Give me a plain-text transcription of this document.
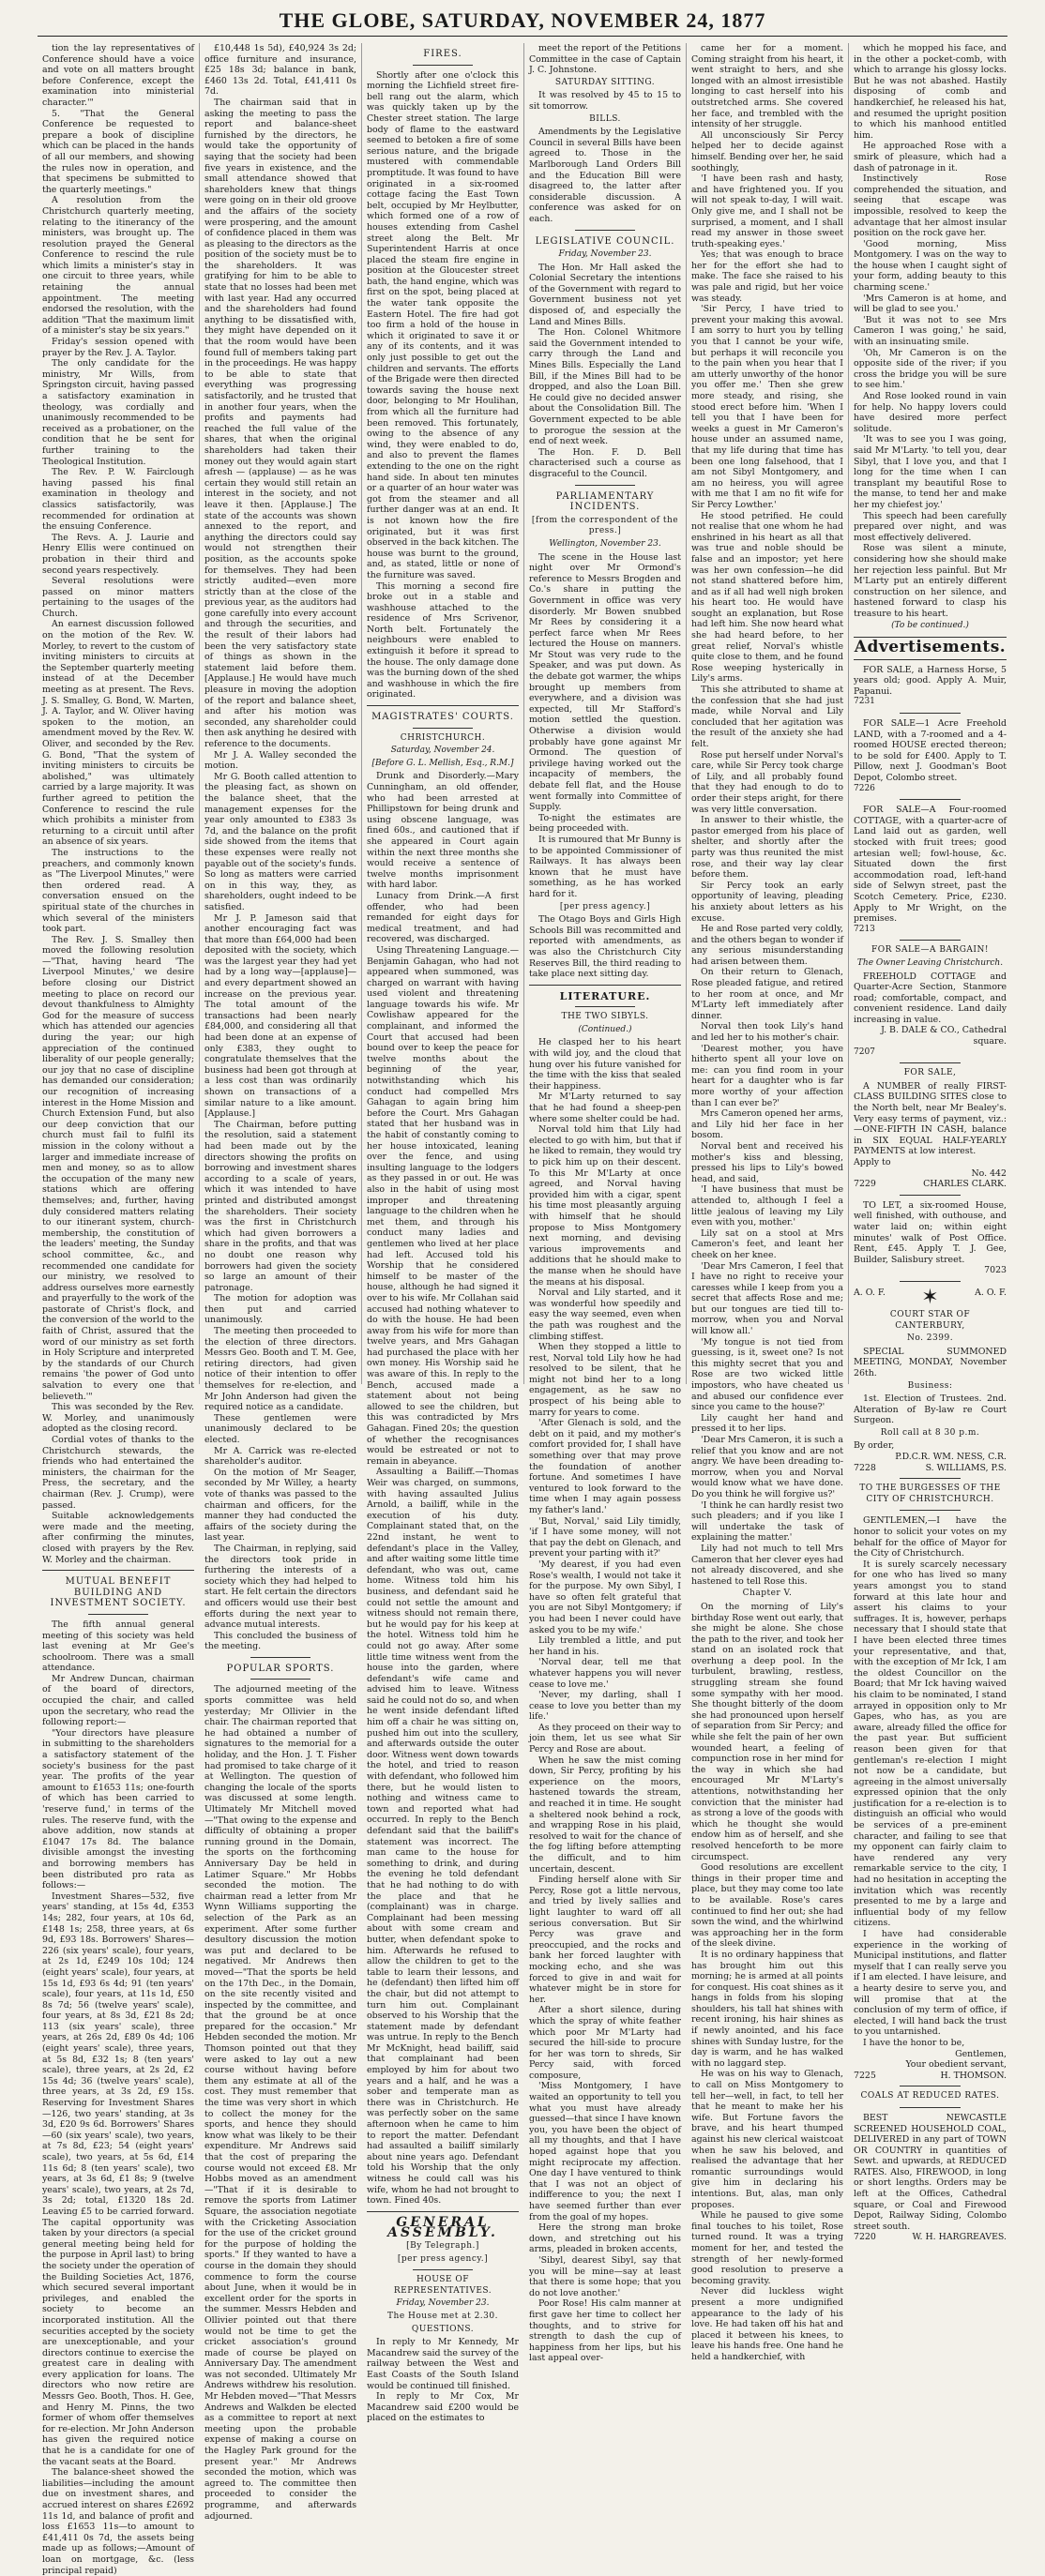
THE GLOBE, SATURDAY, NOVEMBER 24, 1877

tion the lay representatives of Conference should have a voice and vote on all matters brought before Conference, except the examination into ministerial character.'"

5. "That the General Conference be requested to prepare a book of discipline which can be placed in the hands of all our members, and showing the rules now in operation, and that specimens be submitted to the quarterly meetings."

A resolution from the Christchurch quarterly meeting, relating to the itinerancy of the ministers, was brought up. The resolution prayed the General Conference to rescind the rule which limits a minister's stay in one circuit to three years, while retaining the annual appointment. The meeting endorsed the resolution, with the addition "That the maximum limit of a minister's stay be six years."

Friday's session opened with prayer by the Rev. J. A. Taylor.

The only candidate for the ministry, Mr Wills, from Springston circuit, having passed a satisfactory examination in theology, was cordially and unanimously recommended to be received as a probationer, on the condition that he be sent for further training to the Theological Institution.

The Rev. P. W. Fairclough having passed his final examination in theology and classics satisfactorily, was recommended for ordination at the ensuing Conference.

The Revs. A. J. Laurie and Henry Ellis were continued on probation in their third and second years respectively.

Several resolutions were passed on minor matters pertaining to the usages of the Church.

An earnest discussion followed on the motion of the Rev. W. Morley, to revert to the custom of inviting ministers to circuits at the September quarterly meeting instead of at the December meeting as at present. The Revs. J. S. Smalley, G. Bond, W. Marten, J. A. Taylor, and W. Oliver having spoken to the motion, an amendment moved by the Rev. W. Oliver, and seconded by the Rev. G. Bond, "That the system of inviting ministers to circuits be abolished," was ultimately carried by a large majority. It was further agreed to petition the Conference to rescind the rule which prohibits a minister from returning to a circuit until after an absence of six years.

The instructions to the preachers, and commonly known as "The Liverpool Minutes," were then ordered read. A conversation ensued on the spiritual state of the churches in which several of the ministers took part.

The Rev. J. S. Smalley then moved the following resolution—"That, having heard 'The Liverpool Minutes,' we desire before closing our District meeting to place on record our devout thankfulness to Almighty God for the measure of success which has attended our agencies during the year; our high appreciation of the continued liberality of our people generally; our joy that no case of discipline has demanded our consideration; our recognition of increasing interest in the Home Mission and Church Extension Fund, but also our deep conviction that our church must fail to fulfil its mission in the colony without a larger and immediate increase of men and money, so as to allow the occupation of the many new stations which are offering themselves; and, further, having duly considered matters relating to our itinerant system, church-membership, the constitution of the leaders' meeting, the Sunday school committee, &c., and recommended one candidate for our ministry, we resolved to address ourselves more earnestly and prayerfully to the work of the pastorate of Christ's flock, and the conversion of the world to the faith of Christ, assured that the word of our ministry as set forth in Holy Scripture and interpreted by the standards of our Church remains 'the power of God unto salvation to every one that believeth.'"

This was seconded by the Rev. W. Morley, and unanimously adopted as the closing record.

Cordial votes of thanks to the Christchurch stewards, the friends who had entertained the ministers, the chairman for the Press, the secretary, and the chairman (Rev. J. Crump), were passed.

Suitable acknowledgements were made and the meeting, after confirming the minutes, closed with prayers by the Rev. W. Morley and the chairman.

MUTUAL BENEFIT BUILDING AND INVESTMENT SOCIETY.

The fifth annual general meeting of this society was held last evening at Mr Gee's schoolroom. There was a small attendance.

Mr Andrew Duncan, chairman of the board of directors, occupied the chair, and called upon the secretary, who read the following report:—

"Your directors have pleasure in submitting to the shareholders a satisfactory statement of the society's business for the past year. The profits of the year amount to £1653 11s; one-fourth of which has been carried to 'reserve fund,' in terms of the rules. The reserve fund, with the above addition, now stands at £1047 17s 8d. The balance divisible amongst the investing and borrowing members has been distributed pro rata as follows:—

Investment Shares—532, five years' standing, at 15s 4d, £353 14s; 282, four years, at 10s 6d, £148 1s; 258, three years, at 6s 9d, £93 18s. Borrowers' Shares—226 (six years' scale), four years, at 2s 1d, £249 10s 10d; 124 (eight years' scale), four years, at 15s 1d, £93 6s 4d; 91 (ten years' scale), four years, at 11s 1d, £50 8s 7d; 56 (twelve years' scale), four years, at 8s 3d, £21 8s 2d; 113 (six years' scale), three years, at 26s 2d, £89 0s 4d; 106 (eight years' scale), three years, at 5s 8d, £32 1s; 8 (ten years' scale), three years, at 2s 2d, £2 15s 4d; 36 (twelve years' scale), three years, at 3s 2d, £9 15s. Reserving for Investment Shares—126, two years' standing, at 3s 3d, £20 9s 6d. Borrowers' Shares—60 (six years' scale), two years, at 7s 8d, £23; 54 (eight years' scale), two years, at 5s 6d, £14 11s 6d; 8 (ten years' scale), two years, at 3s 6d, £1 8s; 9 (twelve years' scale), two years, at 2s 7d, 3s 2d; total, £1320 18s 2d. Leaving £5 to be carried forward. The capital opportunity was taken by your directors (a special general meeting being held for the purpose in April last) to bring the society under the operation of the Building Societies Act, 1876, which secured several important privileges, and enabled the society to become an incorporated institution. All the securities accepted by the society are unexceptionable, and your directors continue to exercise the greatest care in dealing with every application for loans. The directors who now retire are Messrs Geo. Booth, Thos. H. Gee, and Henry M. Pinns, the two former of whom offer themselves for re-election. Mr John Anderson has given the required notice that he is a candidate for one of the vacant seats at the Board.

The balance-sheet showed the liabilities—including the amount due on investment shares, and accrued interest on shares £2692 11s 1d, and balance of profit and loss £1653 11s—to amount to £41,411 0s 7d, the assets being made up as follows;—Amount of loan on mortgage, &c. (less principal repaid)

£10,448 1s 5d), £40,924 3s 2d; office furniture and insurance, £25 18s 3d; balance in bank, £460 13s 2d. Total, £41,411 0s 7d.

The chairman said that in asking the meeting to pass the report and balance-sheet furnished by the directors, he would take the opportunity of saying that the society had been five years in existence, and the small attendance showed that shareholders knew that things were going on in their old groove and the affairs of the society were prospering, and the amount of confidence placed in them was as pleasing to the directors as the position of the society must be to the shareholders. It was gratifying for him to be able to state that no losses had been met with last year. Had any occurred and the shareholders had found anything to be dissatisfied with, they might have depended on it that the room would have been found full of members taking part in the proceedings. He was happy to be able to state that everything was progressing satisfactorily, and he trusted that in another four years, when the profits and payments had reached the full value of the shares, that when the original shareholders had taken their money out they would again start afresh — (applause) — as he was certain they would still retain an interest in the society, and not leave it then. [Applause.] The state of the accounts was shown annexed to the report, and anything the directors could say would not strengthen their position, as the accounts spoke for themselves. They had been strictly audited—even more strictly than at the close of the previous year, as the auditors had gone carefully into every account and through the securities, and the result of their labors had been the very satisfactory state of things as shown in the statement laid before them. [Applause.] He would have much pleasure in moving the adoption of the report and balance sheet, and after his motion was seconded, any shareholder could then ask anything he desired with reference to the documents.

Mr J. A. Walley seconded the motion.

Mr G. Booth called attention to the pleasing fact, as shown on the balance sheet, that the management expenses for the year only amounted to £383 3s 7d, and the balance on the profit side showed from the items that these expenses were really not payable out of the society's funds. So long as matters were carried on in this way, they, as shareholders, ought indeed to be satisfied.

Mr J. P. Jameson said that another encouraging fact was that more than £64,000 had been deposited with the society, which was the largest year they had yet had by a long way—[applause]—and every department showed an increase on the previous year. The total amount of the transactions had been nearly £84,000, and considering all that had been done at an expense of only £383, they ought to congratulate themselves that the business had been got through at a less cost than was ordinarily shown on transactions of a similar nature to a like amount. [Applause.]

The Chairman, before putting the resolution, said a statement had been made out by the directors showing the profits on borrowing and investment shares according to a scale of years, which it was intended to have printed and distributed amongst the shareholders. Their society was the first in Christchurch which had given borrowers a share in the profits, and that was no doubt one reason why borrowers had given the society so large an amount of their patronage.

The motion for adoption was then put and carried unanimously.

The meeting then proceeded to the election of three directors. Messrs Geo. Booth and T. M. Gee, retiring directors, had given notice of their intention to offer themselves for re-election, and Mr John Anderson had given the required notice as a candidate.

These gentlemen were unanimously declared to be elected.

Mr A. Carrick was re-elected shareholder's auditor.

On the motion of Mr Seager, seconded by Mr Willey, a hearty vote of thanks was passed to the chairman and officers, for the manner they had conducted the affairs of the society during the last year.

The Chairman, in replying, said the directors took pride in furthering the interests of a society which they had helped to start. He felt certain the directors and officers would use their best efforts during the next year to advance mutual interests.

This concluded the business of the meeting.

POPULAR SPORTS.

The adjourned meeting of the sports committee was held yesterday; Mr Ollivier in the chair. The chairman reported that he had obtained a number of signatures to the memorial for a holiday, and the Hon. J. T. Fisher had promised to take charge of it at Wellington. The question of changing the locale of the sports was discussed at some length. Ultimately Mr Mitchell moved—"That owing to the expense and difficulty of obtaining a proper running ground in the Domain, the sports on the forthcoming Anniversary Day be held in Latimer Square." Mr Hobbs seconded the motion. The chairman read a letter from Mr Wynn Williams supporting the selection of the Park as an experiment. After some further desultory discussion the motion was put and declared to be negatived. Mr Andrews then moved—"That the sports be held on the 17th Dec., in the Domain, on the site recently visited and inspected by the committee, and that the ground be at once prepared for the occasion." Mr Hebden seconded the motion. Mr Thomson pointed out that they were asked to lay out a new course without having before them any estimate at all of the cost. They must remember that the time was very short in which to collect the money for the sports, and hence they should know what was likely to be their expenditure. Mr Andrews said that the cost of preparing the course would not exceed £8. Mr Hobbs moved as an amendment—"That if it is desirable to remove the sports from Latimer Square, the association negotiate with the Cricketing Association for the use of the cricket ground for the purpose of holding the sports." If they wanted to have a course in the domain they should commence to form the course about June, when it would be in excellent order for the sports in the summer. Messrs Hebden and Ollivier pointed out that there would not be time to get the cricket association's ground made of course be played on Anniversary Day. The amendment was not seconded. Ultimately Mr Andrews withdrew his resolution. Mr Hebden moved—"That Messrs Andrews and Walkden be elected as a committee to report at next meeting upon the probable expense of making a course on the Hagley Park ground for the present year." Mr Andrews seconded the motion, which was agreed to. The committee then proceeded to consider the programme, and afterwards adjourned.

FIRES.

Shortly after one o'clock this morning the Lichfield street fire-bell rang out the alarm, which was quickly taken up by the Chester street station. The large body of flame to the eastward seemed to betoken a fire of some serious nature, and the brigade mustered with commendable promptitude. It was found to have originated in a six-roomed cottage facing the East Town belt, occupied by Mr Heylbutter, which formed one of a row of houses extending from Cashel street along the Belt. Mr Superintendent Harris at once placed the steam fire engine in position at the Gloucester street bath, the hand engine, which was first on the spot, being placed at the water tank opposite the Eastern Hotel. The fire had got too firm a hold of the house in which it originated to save it or any of its contents, and it was only just possible to get out the children and servants. The efforts of the Brigade were then directed towards saving the house next door, belonging to Mr Houlihan, from which all the furniture had been removed. This fortunately, owing to the absence of any wind, they were enabled to do, and also to prevent the flames extending to the one on the right hand side. In about ten minutes or a quarter of an hour water was got from the steamer and all further danger was at an end. It is not known how the fire originated, but it was first observed in the back kitchen. The house was burnt to the ground, and, as stated, little or none of the furniture was saved.

This morning a second fire broke out in a stable and washhouse attached to the residence of Mrs Scrivenor, North belt. Fortunately the neighbours were enabled to extinguish it before it spread to the house. The only damage done was the burning down of the shed and washhouse in which the fire originated.

MAGISTRATES' COURTS.
CHRISTCHURCH.
Saturday, November 24.
[Before G. L. Mellish, Esq., R.M.]

Drunk and Disorderly.—Mary Cunningham, an old offender, who had been arrested at Phillipstown for being drunk and using obscene language, was fined 60s., and cautioned that if she appeared in Court again within the next three months she would receive a sentence of twelve months imprisonment with hard labor.

Lunacy from Drink.—A first offender, who had been remanded for eight days for medical treatment, and had recovered, was discharged.

Using Threatening Language.—Benjamin Gahagan, who had not appeared when summoned, was charged on warrant with having used violent and threatening language towards his wife. Mr Cowlishaw appeared for the complainant, and informed the Court that accused had been bound over to keep the peace for twelve months about the beginning of the year, notwithstanding which his conduct had compelled Mrs Gahagan to again bring him before the Court. Mrs Gahagan stated that her husband was in the habit of constantly coming to her house intoxicated, leaning over the fence, and using insulting language to the lodgers as they passed in or out. He was also in the habit of using most improper and threatening language to the children when he met them, and through his conduct many ladies and gentlemen who lived at her place had left. Accused told his Worship that he considered himself to be master of the house, although he had signed it over to his wife. Mr Collahan said accused had nothing whatever to do with the house. He had been away from his wife for more than twelve years, and Mrs Gahagan had purchased the place with her own money. His Worship said he was aware of this. In reply to the Bench, accused made a statement about not being allowed to see the children, but this was contradicted by Mrs Gahagan. Fined 20s; the question of whether the recognisances would be estreated or not to remain in abeyance.

Assaulting a Bailiff.—Thomas Weir was charged, on summons, with having assaulted Julius Arnold, a bailiff, while in the execution of his duty. Complainant stated that, on the 22nd instant, he went to defendant's place in the Valley, and after waiting some little time defendant, who was out, came home. Witness told him his business, and defendant said he could not settle the amount and witness should not remain there, but he would pay for his keep at the hotel. Witness told him he could not go away. After some little time witness went from the house into the garden, where defendant's wife came and advised him to leave. Witness said he could not do so, and when he went inside defendant lifted him off a chair he was sitting on, pushed him out into the scullery, and afterwards outside the outer door. Witness went down towards the hotel, and tried to reason with defendant, who followed him there, but he would listen to nothing and witness came to town and reported what had occurred. In reply to the Bench defendant said that the bailiff's statement was incorrect. The man came to the house for something to drink, and during the evening he told defendant that he had nothing to do with the place and that he (complainant) was in charge. Complainant had been messing about with some cream and butter, when defendant spoke to him. Afterwards he refused to allow the children to get to the table to learn their lessons, and he (defendant) then lifted him off the chair, but did not attempt to turn him out. Complainant observed to his Worship that the statement made by defendant was untrue. In reply to the Bench Mr McKnight, head bailiff, said that complainant had been employed by him for about two years and a half, and he was a sober and temperate man as there was in Christchurch. He was perfectly sober on the same afternoon when he came to him to report the matter. Defendant had assaulted a bailiff similarly about nine years ago. Defendant told his Worship that the only witness he could call was his wife, whom he had not brought to town. Fined 40s.

GENERAL ASSEMBLY.
[By Telegraph.]
[per press agency.]
HOUSE OF REPRESENTATIVES.
Friday, November 23.
The House met at 2.30.
QUESTIONS.

In reply to Mr Kennedy, Mr Macandrew said the survey of the railway between the West and East Coasts of the South Island would be continued till finished.

In reply to Mr Cox, Mr Macandrew said £200 would be placed on the estimates to

meet the report of the Petitions Committee in the case of Captain J. C. Johnstone.

SATURDAY SITTING.

It was resolved by 45 to 15 to sit tomorrow.

BILLS.

Amendments by the Legislative Council in several Bills have been agreed to. Those in the Marlborough Land Orders Bill and the Education Bill were disagreed to, the latter after considerable discussion. A conference was asked for on each.

LEGISLATIVE COUNCIL.
Friday, November 23.

The Hon. Mr Hall asked the Colonial Secretary the intentions of the Government with regard to Government business not yet disposed of, and especially the Land and Mines Bills.

The Hon. Colonel Whitmore said the Government intended to carry through the Land and Mines Bills. Especially the Land Bill, if the Mines Bill had to be dropped, and also the Loan Bill. He could give no decided answer about the Consolidation Bill. The Government expected to be able to prorogue the session at the end of next week.

The Hon. F. D. Bell characterised such a course as disgraceful to the Council.

PARLIAMENTARY INCIDENTS.
[from the correspondent of the press.]
Wellington, November 23.

The scene in the House last night over Mr Ormond's reference to Messrs Brogden and Co.'s share in putting the Government in office was very disorderly. Mr Bowen snubbed Mr Rees by considering it a perfect farce when Mr Rees lectured the House on manners. Mr Stout was very rude to the Speaker, and was put down. As the debate got warmer, the whips brought up members from everywhere, and a division was expected, till Mr Stafford's motion settled the question. Otherwise a division would probably have gone against Mr Ormond. The question of privilege having worked out the incapacity of members, the debate fell flat, and the House went formally into Committee of Supply.

To-night the estimates are being proceeded with.

It is rumoured that Mr Bunny is to be appointed Commissioner of Railways. It has always been known that he must have something, as he has worked hard for it.

[per press agency.]

The Otago Boys and Girls High Schools Bill was recommitted and reported with amendments, as was also the Christchurch City Reserves Bill, the third reading to take place next sitting day.

LITERATURE.
THE TWO SIBYLS.
(Continued.)

He clasped her to his heart with wild joy, and the cloud that hung over his future vanished for the time with the kiss that sealed their happiness.

Mr M'Larty returned to say that he had found a sheep-pen where some shelter could be had.

Norval told him that Lily had elected to go with him, but that if he liked to remain, they would try to pick him up on their descent. To this Mr M'Larty at once agreed, and Norval having provided him with a cigar, spent his time most pleasantly arguing with himself that he should propose to Miss Montgomery next morning, and devising various improvements and additions that he should make to the manse when he should have the means at his disposal.

Norval and Lily started, and it was wonderful how speedily and easy the way seemed, even when the path was roughest and the climbing stiffest.

When they stopped a little to rest, Norval told Lily how he had resolved to be silent, that he might not bind her to a long engagement, as he saw no prospect of his being able to marry for years to come.

'After Glenach is sold, and the debt on it paid, and my mother's comfort provided for, I shall have something over that may prove the foundation of another fortune. And sometimes I have ventured to look forward to the time when I may again possess my father's land.'

'But, Norval,' said Lily timidly, 'if I have some money, will not that pay the debt on Glenach, and prevent your parting with it?'

'My dearest, if you had even Rose's wealth, I would not take it for the purpose. My own Sibyl, I have so often felt grateful that you are not Sibyl Montgomery; if you had been I never could have asked you to be my wife.'

Lily trembled a little, and put her hand in his.

'Norval dear, tell me that whatever happens you will never cease to love me.'

'Never, my darling, shall I cease to love you better than my life.'

As they proceed on their way to join them, let us see what Sir Percy and Rose are about.

When he saw the mist coming down, Sir Percy, profiting by his experience on the moors, hastened towards the stream, and reached it in time. He sought a sheltered nook behind a rock, and wrapping Rose in his plaid, resolved to wait for the chance of the fog lifting before attempting the difficult, and to him uncertain, descent.

Finding herself alone with Sir Percy, Rose got a little nervous, and tried by lively sallies and light laughter to ward off all serious conversation. But Sir Percy was grave and preoccupied, and the rocks and bank her forced laughter with mocking echo, and she was forced to give in and wait for whatever might be in store for her.

After a short silence, during which the spray of white feather which poor Mr M'Larty had secured the hill-side to procure for her was torn to shreds, Sir Percy said, with forced composure,

'Miss Montgomery, I have waited an opportunity to tell you what you must have already guessed—that since I have known you, you have been the object of all my thoughts, and that I have hoped against hope that you might reciprocate my affection. One day I have ventured to think that I was not an object of indifference to you; the next I have seemed further than ever from the goal of my hopes.

Here the strong man broke down, and stretching out his arms, pleaded in broken accents,

'Sibyl, dearest Sibyl, say that you will be mine—say at least that there is some hope; that you do not love another.'

Poor Rose! His calm manner at first gave her time to collect her thoughts, and to strive for strength to dash the cup of happiness from her lips, but his last appeal over-

came her for a moment. Coming straight from his heart, it went straight to hers, and she longed with an almost irresistible longing to cast herself into his outstretched arms. She covered her face, and trembled with the intensity of her struggle.

All unconsciously Sir Percy helped her to decide against himself. Bending over her, he said soothingly,

'I have been rash and hasty, and have frightened you. If you will not speak to-day, I will wait. Only give me, and I shall not be surprised, a moment, and I shall read my answer in those sweet truth-speaking eyes.'

Yes; that was enough to brace her for the effort she had to make. The face she raised to his was pale and rigid, but her voice was steady.

'Sir Percy, I have tried to prevent your making this avowal. I am sorry to hurt you by telling you that I cannot be your wife, but perhaps it will reconcile you to the pain when you hear that I am utterly unworthy of the honor you offer me.' Then she grew more steady, and rising, she stood erect before him. 'When I tell you that I have been for weeks a guest in Mr Cameron's house under an assumed name, that my life during that time has been one long falsehood, that I am not Sibyl Montgomery, and am no heiress, you will agree with me that I am no fit wife for Sir Percy Lowther.'

He stood petrified. He could not realise that one whom he had enshrined in his heart as all that was true and noble should be false and an impostor; yet here was her own confession—he did not stand shattered before him, and as if all had well nigh broken his heart too. He would have sought an explanation, but Rose had left him. She now heard what she had heard before, to her great relief, Norval's whistle quite close to them, and he found Rose weeping hysterically in Lily's arms.

This she attributed to shame at the confession that she had just made, while Norval and Lily concluded that her agitation was the result of the anxiety she had felt.

Rose put herself under Norval's care, while Sir Percy took charge of Lily, and all probably found that they had enough to do to order their steps aright, for there was very little conversation.

In answer to their whistle, the pastor emerged from his place of shelter, and shortly after the party was thus reunited the mist rose, and their way lay clear before them.

Sir Percy took an early opportunity of leaving, pleading his anxiety about letters as his excuse.

He and Rose parted very coldly, and the others began to wonder if any serious misunderstanding had arisen between them.

On their return to Glenach, Rose pleaded fatigue, and retired to her room at once, and Mr M'Larty left immediately after dinner.

Norval then took Lily's hand and led her to his mother's chair.

'Dearest mother, you have hitherto spent all your love on me: can you find room in your heart for a daughter who is far more worthy of your affection than I can ever be?'

Mrs Cameron opened her arms, and Lily hid her face in her bosom.

Norval bent and received his mother's kiss and blessing, pressed his lips to Lily's bowed head, and said,

'I have business that must be attended to, although I feel a little jealous of leaving my Lily even with you, mother.'

Lily sat on a stool at Mrs Cameron's feet, and leant her cheek on her knee.

'Dear Mrs Cameron, I feel that I have no right to receive your caresses while I keep from you a secret that affects Rose and me; but our tongues are tied till to-morrow, when you and Norval will know all.'

'My tongue is not tied from guessing, is it, sweet one? Is not this mighty secret that you and Rose are two wicked little impostors, who have cheated us and abused our confidence ever since you came to the house?'

Lily caught her hand and pressed it to her lips.

'Dear Mrs Cameron, it is such a relief that you know and are not angry. We have been dreading to-morrow, when you and Norval would know what we have done. Do you think he will forgive us?'

'I think he can hardly resist two such pleaders; and if you like I will undertake the task of explaining the matter.'

Lily had not much to tell Mrs Cameron that her clever eyes had not already discovered, and she hastened to tell Rose this.

Chapter V.

On the morning of Lily's birthday Rose went out early, that she might be alone. She chose the path to the river, and took her stand on an isolated rock that overhung a deep pool. In the turbulent, brawling, restless, struggling stream she found some sympathy with her mood. She thought bitterly of the doom she had pronounced upon herself of separation from Sir Percy; and while she felt the pain of her own wounded heart, a feeling of compunction rose in her mind for the way in which she had encouraged Mr M'Larty's attentions, notwithstanding her conviction that the minister had as strong a love of the goods with which he thought she would endow him as of herself, and she resolved henceforth to be more circumspect.

Good resolutions are excellent things in their proper time and place, but they may come too late to be available. Rose's cares continued to find her out; she had sown the wind, and the whirlwind was approaching her in the form of the sleek divine.

It is no ordinary happiness that has brought him out this morning; he is armed at all points for conquest. His coat shines as it hangs in folds from his sloping shoulders, his tall hat shines with recent ironing, his hair shines as if newly anointed, and his face shines with Sunday lustre, for the day is warm, and he has walked with no laggard step.

He was on his way to Glenach, to call on Miss Montgomery to tell her—well, in fact, to tell her that he meant to make her his wife. But Fortune favors the brave, and his heart thumped against his new clerical waistcoat when he saw his beloved, and realised the advantage that her romantic surroundings would give him in declaring his intentions. But, alas, man only proposes.

While he paused to give some final touches to his toilet, Rose turned round. It was a trying moment for her, and tested the strength of her newly-formed good resolution to preserve a becoming gravity.

Never did luckless wight present a more undignified appearance to the lady of his love. He had taken off his hat and placed it between his knees, to leave his hands free. One hand he held a handkerchief, with

which he mopped his face, and in the other a pocket-comb, with which to arrange his glossy locks. But he was not abashed. Hastily disposing of comb and handkerchief, he released his hat, and resumed the upright position to which his manhood entitled him.

He approached Rose with a smirk of pleasure, which had a dash of patronage in it.

Instinctively Rose comprehended the situation, and seeing that escape was impossible, resolved to keep the advantage that her almost insular position on the rock gave her.

'Good morning, Miss Montgomery. I was on the way to the house when I caught sight of your form, adding beauty to this charming scene.'

'Mrs Cameron is at home, and will be glad to see you.'

'But it was not to see Mrs Cameron I was going,' he said, with an insinuating smile.

'Oh, Mr Cameron is on the opposite side of the river; if you cross the bridge you will be sure to see him.'

And Rose looked round in vain for help. No happy lovers could have desired more perfect solitude.

'It was to see you I was going, said Mr M'Larty. 'to tell you, dear Sibyl, that I love you, and that I long for the time when I can transplant my beautiful Rose to the manse, to tend her and make her my chiefest joy.'

This speech had been carefully prepared over night, and was most effectively delivered.

Rose was silent a minute, considering how she should make her rejection less painful. But Mr M'Larty put an entirely different construction on her silence, and hastened forward to clasp his treasure to his heart.

(To be continued.)
Advertisements.

FOR SALE, a Harness Horse, 5 years old; good. Apply A. Muir, Papanui.

7231

FOR SALE—1 Acre Freehold LAND, with a 7-roomed and a 4-roomed HOUSE erected thereon; to be sold for £400. Apply to T. Pillow, next J. Goodman's Boot Depot, Colombo street.

7226

FOR SALE—A Four-roomed COTTAGE, with a quarter-acre of Land laid out as garden, well stocked with fruit trees; good artesian well; fowl-house, &c. Situated down the first accommodation road, left-hand side of Selwyn street, past the Scotch Cemetery. Price, £230. Apply to Mr Wright, on the premises.

7213
FOR SALE—A BARGAIN!
The Owner Leaving Christchurch.

FREEHOLD COTTAGE and Quarter-Acre Section, Stanmore road; comfortable, compact, and convenient residence. Land daily increasing in value.

J. B. DALE & CO., Cathedral square.
7207
FOR SALE,

A NUMBER of really FIRST-CLASS BUILDING SITES close to the North belt, near Mr Bealey's. Very easy terms of payment, viz.:—ONE-FIFTH IN CASH, balance in SIX EQUAL HALF-YEARLY PAYMENTS at low interest.

Apply to
No. 442
7229	CHARLES CLARK.

TO LET, a six-roomed House, well finished, with outhouse, and water laid on; within eight minutes' walk of Post Office. Rent, £45. Apply T. J. Gee, Builder, Salisbury street.

7023
A. O. F. ✶	A. O. F.
COURT STAR OF CANTERBURY,
No. 2399.

SPECIAL SUMMONED MEETING, MONDAY, November 26th.

Business:

1st. Election of Trustees. 2nd. Alteration of By-law re Court Surgeon.

Roll call at 8 30 p.m.
By order,
P.D.C.R. WM. NESS, C.R.
7228	S. WILLIAMS, P.S.
TO THE BURGESSES OF THE CITY OF CHRISTCHURCH.

GENTLEMEN,—I have the honor to solicit your votes on my behalf for the office of Mayor for the City of Christchurch.

It is surely scarcely necessary for one who has lived so many years amongst you to stand forward at this late hour and assert his claims to your suffrages. It is, however, perhaps necessary that I should state that I have been elected three times your representative, and that, with the exception of Mr Ick, I am the oldest Councillor on the Board; that Mr Ick having waived his claim to be nominated, I stand arrayed in opposition only to Mr Gapes, who has, as you are aware, already filled the office for the past year. But sufficient reason been given for that gentleman's re-election I might not now be a candidate, but agreeing in the almost universally expressed opinion that the only justification for a re-election is to distinguish an official who would be services of a pre-eminent character, and failing to see that my opponent can fairly claim to have rendered any very remarkable service to the city, I had no hesitation in accepting the invitation which was recently presented to me by a large and influential body of my fellow citizens.

I have had considerable experience in the working of Municipal institutions, and flatter myself that I can really serve you if I am elected. I have leisure, and a hearty desire to serve you, and will promise that at the conclusion of my term of office, if elected, I will hand back the trust to you untarnished.

I have the honor to be,

Gentlemen,
Your obedient servant,
7225	H. THOMSON.
COALS AT REDUCED RATES.

BEST NEWCASTLE SCREENED HOUSEHOLD COAL, DELIVERED in any part of TOWN OR COUNTRY in quantities of Sewt. and upwards, at REDUCED RATES. Also, FIREWOOD, in long or short lengths. Orders may be left at the Offices, Cathedral square, or Coal and Firewood Depot, Railway Siding, Colombo street south.

7220	W. H. HARGREAVES.
